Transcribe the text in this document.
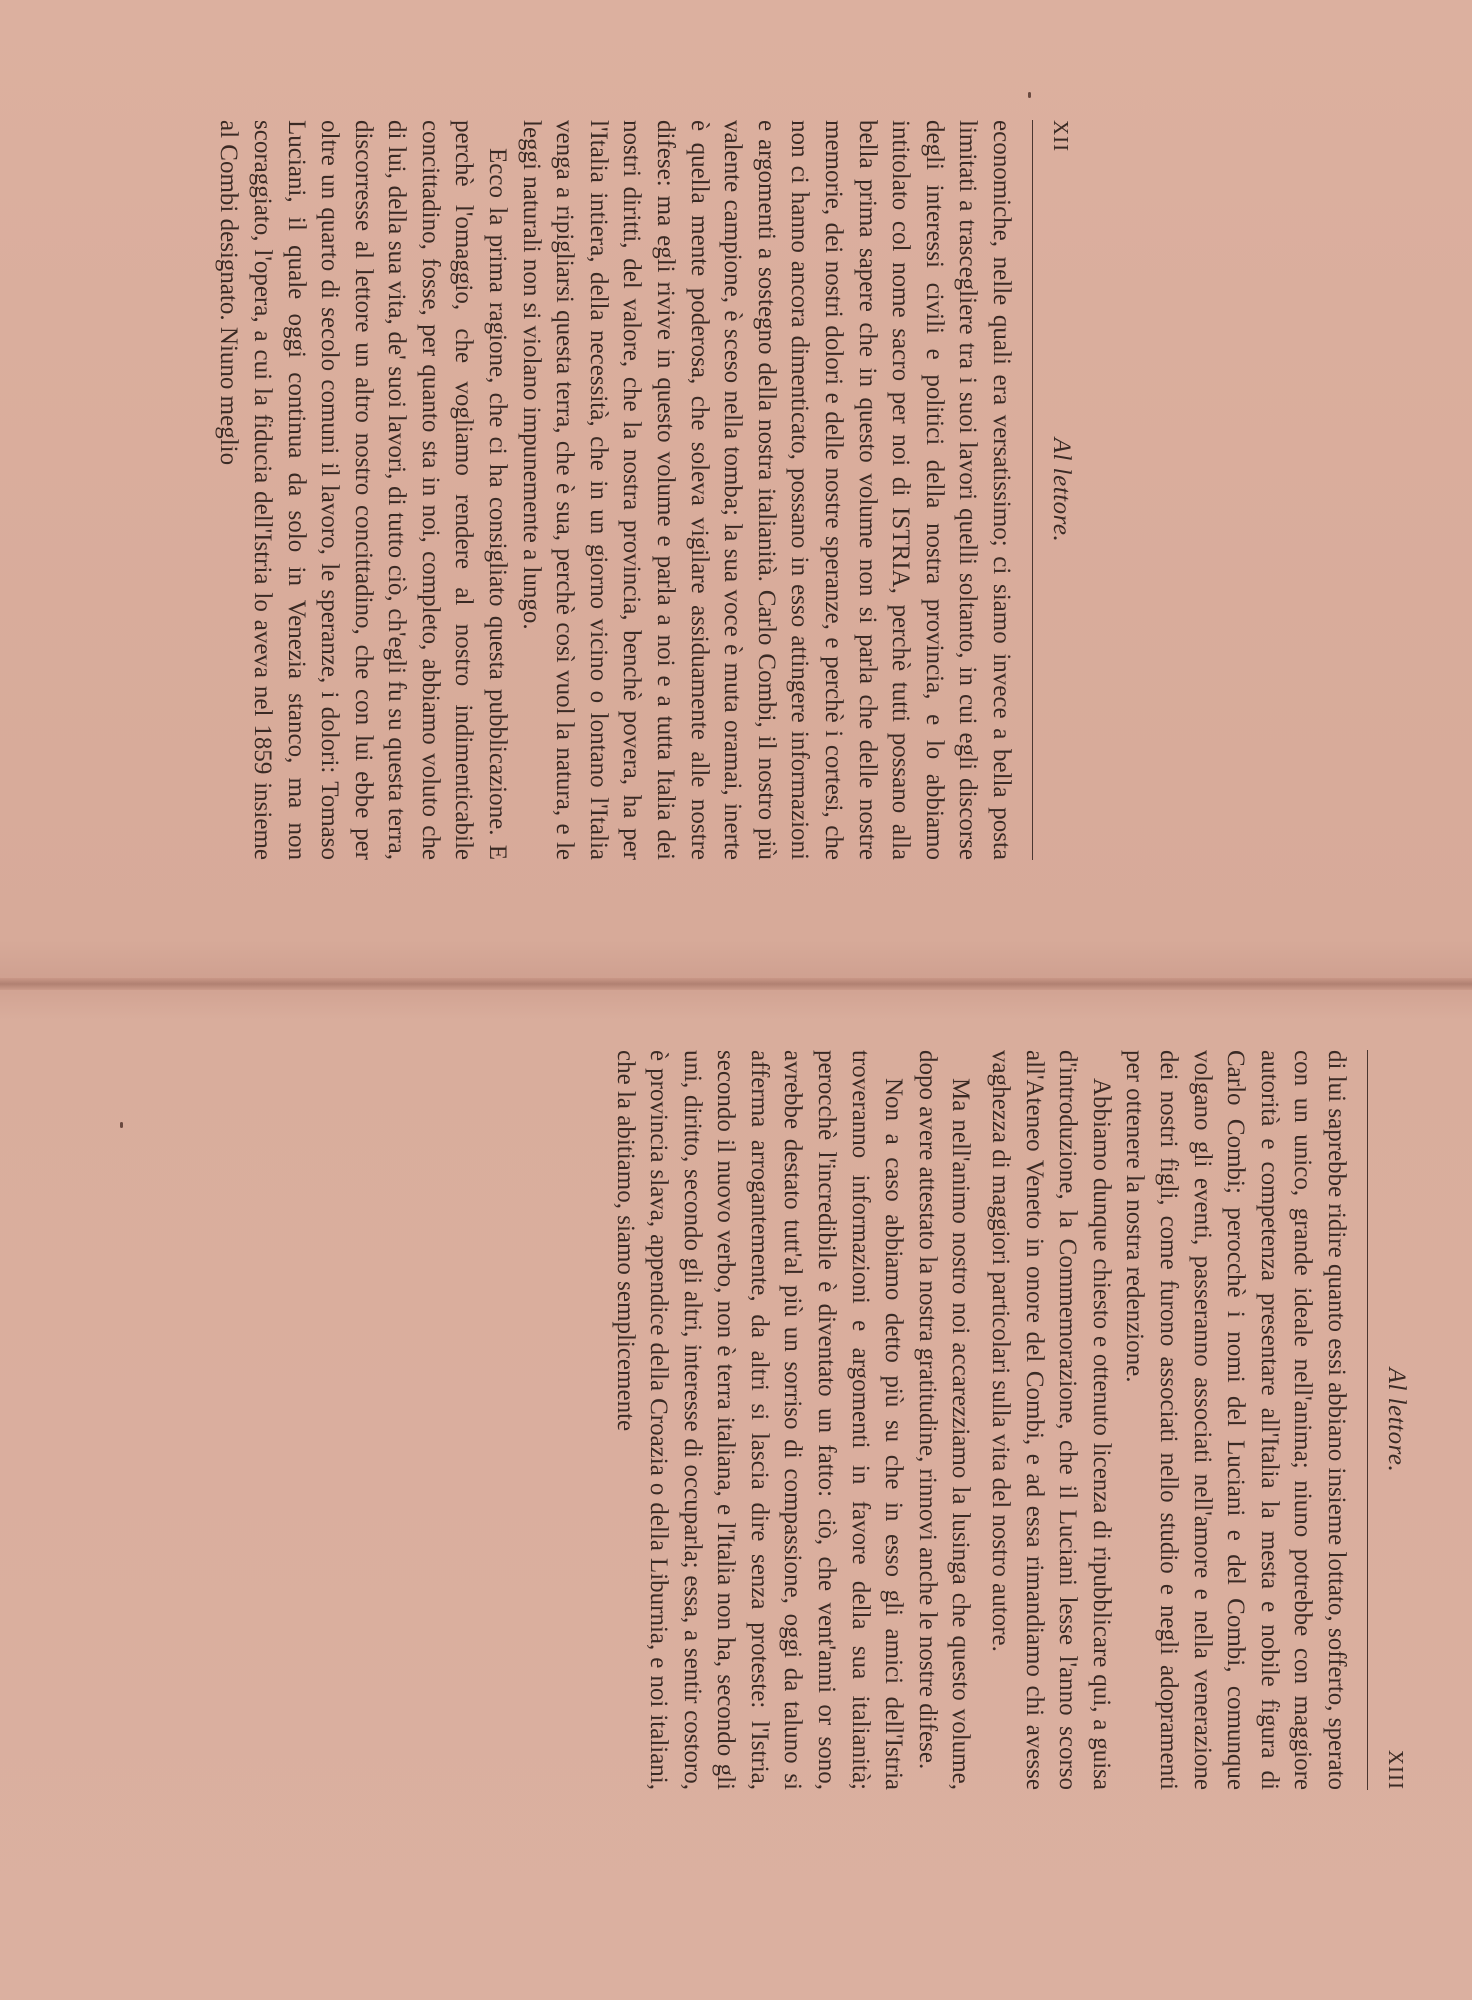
XII
Al lettore.

economiche, nelle quali era versatissimo; ci siamo invece a bella posta limitati a trascegliere tra i suoi lavori quelli soltanto, in cui egli discorse degli interessi civili e politici della nostra provincia, e lo abbiamo intitolato col nome sacro per noi di ISTRIA, perchè tutti possano alla bella prima sapere che in questo volume non si parla che delle nostre memorie, dei nostri dolori e delle nostre speranze, e perchè i cortesi, che non ci hanno ancora dimenticato, possano in esso attingere informazioni e argomenti a sostegno della nostra italianità. Carlo Combi, il nostro più valente campione, è sceso nella tomba; la sua voce è muta oramai, inerte è quella mente poderosa, che soleva vigilare assiduamente alle nostre difese: ma egli rivive in questo volume e parla a noi e a tutta Italia dei nostri diritti, del valore, che la nostra provincia, benchè povera, ha per l'Italia intiera, della necessità, che in un giorno vicino o lontano l'Italia venga a ripigliarsi questa terra, che è sua, perchè così vuol la natura, e le leggi naturali non si violano impunemente a lungo.

Ecco la prima ragione, che ci ha consigliato questa pubblicazione. E perchè l'omaggio, che vogliamo rendere al nostro indimenticabile concittadino, fosse, per quanto sta in noi, completo, abbiamo voluto che di lui, della sua vita, de' suoi lavori, di tutto ciò, ch'egli fu su questa terra, discorresse al lettore un altro nostro concittadino, che con lui ebbe per oltre un quarto di secolo comuni il lavoro, le speranze, i dolori: Tomaso Luciani, il quale oggi continua da solo in Venezia stanco, ma non scoraggiato, l'opera, a cui la fiducia dell'Istria lo aveva nel 1859 insieme al Combi designato. Niuno meglio

Al lettore.
XIII

di lui saprebbe ridire quanto essi abbiano insieme lottato, sofferto, sperato con un unico, grande ideale nell'anima; niuno potrebbe con maggiore autorità e competenza presentare all'Italia la mesta e nobile figura di Carlo Combi; perocchè i nomi del Luciani e del Combi, comunque volgano gli eventi, passeranno associati nell'amore e nella venerazione dei nostri figli, come furono associati nello studio e negli adopramenti per ottenere la nostra redenzione.

Abbiamo dunque chiesto e ottenuto licenza di ripubblicare qui, a guisa d'introduzione, la Commemorazione, che il Luciani lesse l'anno scorso all'Ateneo Veneto in onore del Combi, e ad essa rimandiamo chi avesse vaghezza di maggiori particolari sulla vita del nostro autore.

Ma nell'animo nostro noi accarezziamo la lusinga che questo volume, dopo avere attestato la nostra gratitudine, rinnovi anche le nostre difese.

Non a caso abbiamo detto più su che in esso gli amici dell'Istria troveranno informazioni e argomenti in favore della sua italianità; perocchè l'incredibile è diventato un fatto: ciò, che vent'anni or sono, avrebbe destato tutt'al più un sorriso di compassione, oggi da taluno si afferma arrogantemente, da altri si lascia dire senza proteste: l'Istria, secondo il nuovo verbo, non è terra italiana, e l'Italia non ha, secondo gli uni, diritto, secondo gli altri, interesse di occuparla; essa, a sentir costoro, è provincia slava, appendice della Croazia o della Liburnia, e noi italiani, che la abitiamo, siamo semplicemente
